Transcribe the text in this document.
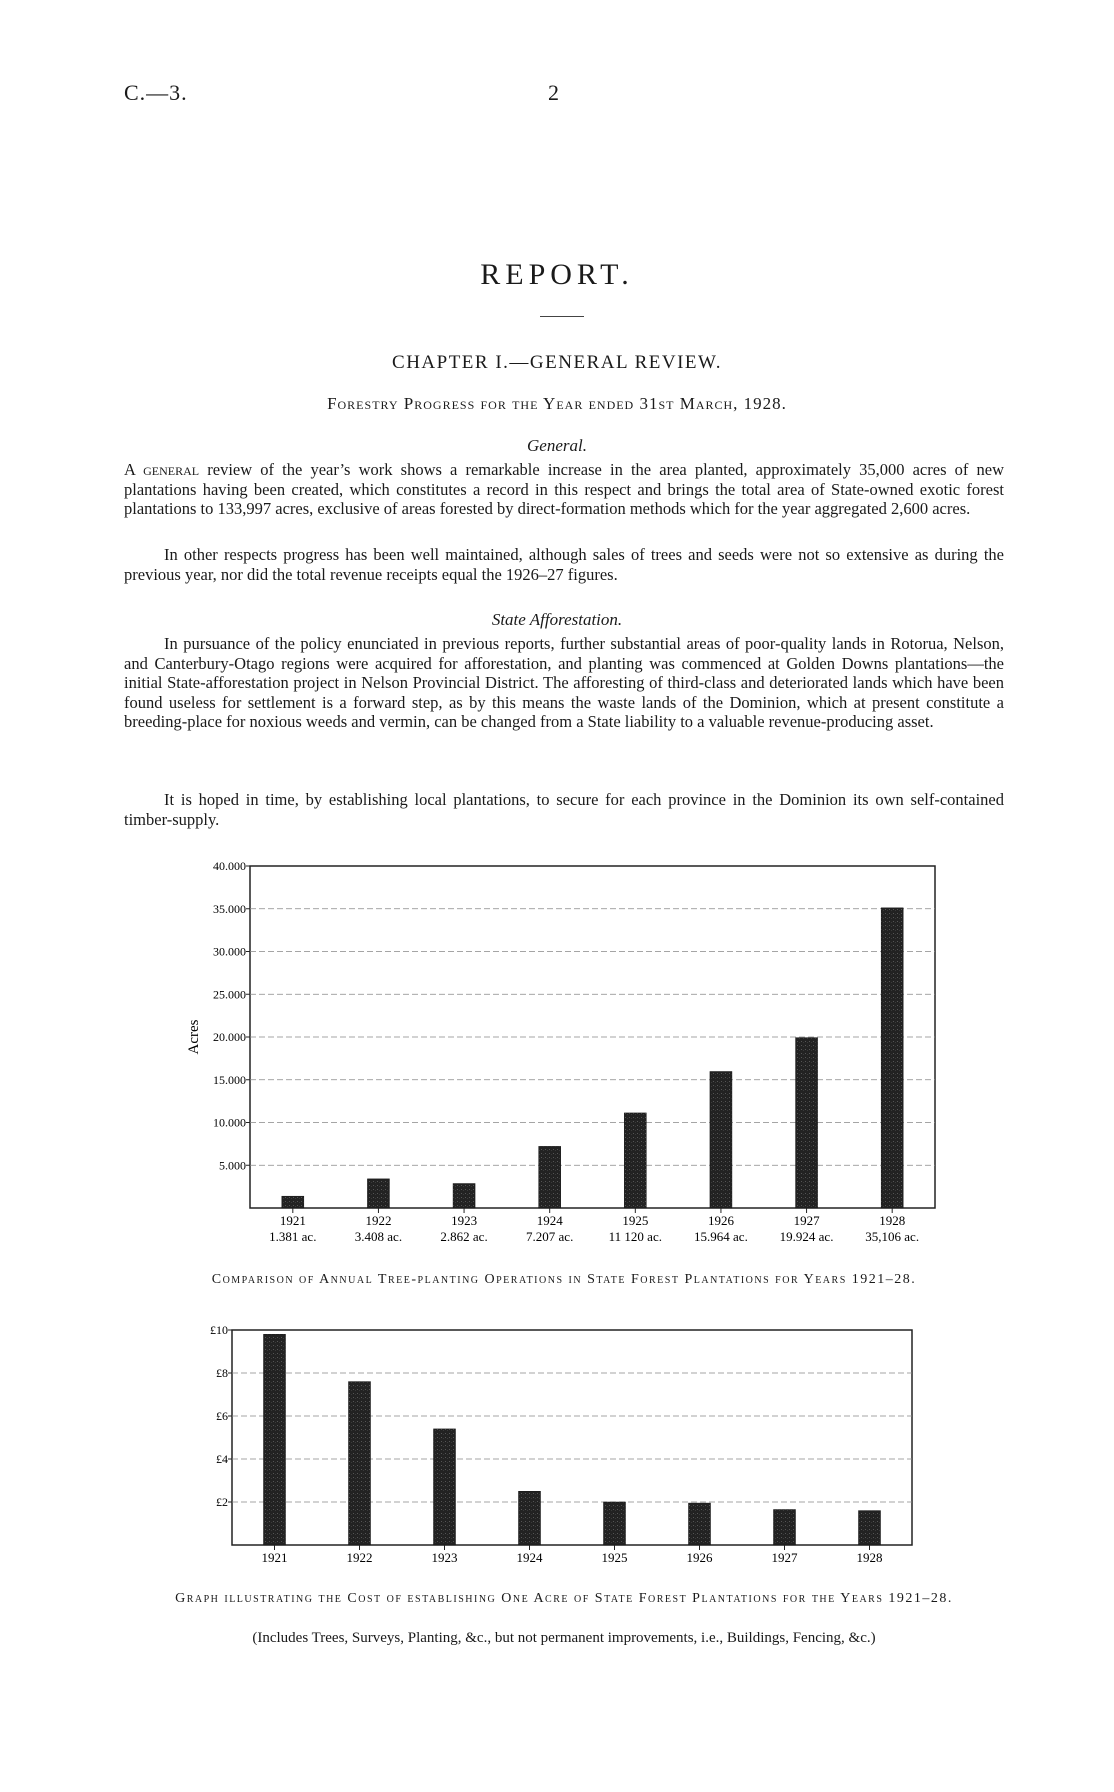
C.—3.	2
REPORT.
CHAPTER I.—GENERAL REVIEW.
Forestry Progress for the Year ended 31st March, 1928.
General.
A general review of the year’s work shows a remarkable increase in the area planted, approximately 35,000 acres of new plantations having been created, which constitutes a record in this respect and brings the total area of State-owned exotic forest plantations to 133,997 acres, exclusive of areas forested by direct-formation methods which for the year aggregated 2,600 acres.
In other respects progress has been well maintained, although sales of trees and seeds were not so extensive as during the previous year, nor did the total revenue receipts equal the 1926–27 figures.
State Afforestation.
In pursuance of the policy enunciated in previous reports, further substantial areas of poor-quality lands in Rotorua, Nelson, and Canterbury-Otago regions were acquired for afforestation, and planting was commenced at Golden Downs plantations—the initial State-afforestation project in Nelson Provincial District. The afforesting of third-class and deteriorated lands which have been found useless for settlement is a forward step, as by this means the waste lands of the Dominion, which at present constitute a breeding-place for noxious weeds and vermin, can be changed from a State liability to a valuable revenue-producing asset.
It is hoped in time, by establishing local plantations, to secure for each province in the Dominion its own self-contained timber-supply.
5.000
10.000
15.000
20.000
25.000
30.000
35.000
40.000
Acres
1921
1.381 ac.
1922
3.408 ac.
1923
2.862 ac.
1924
7.207 ac.
1925
11 120 ac.
1926
15.964 ac.
1927
19.924 ac.
1928
35,106 ac.
£2
£4
£6
£8
£10
1921	1922	1923	1924	1925	1926	1927	1928
Comparison of Annual Tree-planting Operations in State Forest Plantations for Years 1921–28.
Graph illustrating the Cost of establishing One Acre of State Forest Plantations for the Years 1921–28.
(Includes Trees, Surveys, Planting, &c., but not permanent improvements, i.e., Buildings, Fencing, &c.)
